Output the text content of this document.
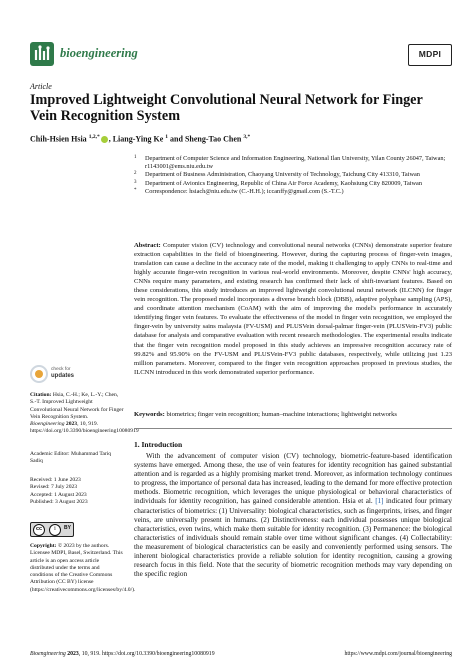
bioengineering	MDPI
Article
Improved Lightweight Convolutional Neural Network for Finger Vein Recognition System
Chih-Hsien Hsia $^{1,2,*}$ , Liang-Ying Ke $^1$ and Sheng-Tao Chen $^{3,*}$
1 Department of Computer Science and Information Engineering, National Ilan University, Yilan County 26047, Taiwan; r1143001@ems.niu.edu.tw
2 Department of Business Administration, Chaoyang University of Technology, Taichung City 413310, Taiwan
3 Department of Avionics Engineering, Republic of China Air Force Academy, Kaohsiung City 820009, Taiwan
* Correspondence: hsiach@niu.edu.tw (C.-H.H.); iccanffy@gmail.com (S.-T.C.)
check for
updates
Citation: Hsia, C.-H.; Ke, L.-Y.; Chen, S.-T. Improved Lightweight Convolutional Neural Network for Finger Vein Recognition System. Bioengineering 2023, 10, 919. https://doi.org/10.3390/bioengineering10080919
Academic Editor: Muhammad Tariq Sadiq
Received: 1 June 2023
Revised: 7 July 2023
Accepted: 1 August 2023
Published: 3 August 2023
cc	i	BY
Copyright: © 2023 by the authors. Licensee MDPI, Basel, Switzerland. This article is an open access article distributed under the terms and conditions of the Creative Commons Attribution (CC BY) license (https://creativecommons.org/licenses/by/4.0/).
Abstract: Computer vision (CV) technology and convolutional neural networks (CNNs) demonstrate superior feature extraction capabilities in the field of bioengineering. However, during the capturing process of finger-vein images, translation can cause a decline in the accuracy rate of the model, making it challenging to apply CNNs to real-time and highly accurate finger-vein recognition in various real-world environments. Moreover, despite CNNs' high accuracy, CNNs require many parameters, and existing research has confirmed their lack of shift-invariant features. Based on these considerations, this study introduces an improved lightweight convolutional neural network (ILCNN) for finger vein recognition. The proposed model incorporates a diverse branch block (DBB), adaptive polyphase sampling (APS), and coordinate attention mechanism (CoAM) with the aim of improving the model's performance in accurately identifying finger vein features. To evaluate the effectiveness of the model in finger vein recognition, we employed the finger-vein by university sains malaysia (FV-USM) and PLUSVein dorsal-palmar finger-vein (PLUSVein-FV3) public database for analysis and comparative evaluation with recent research methodologies. The experimental results indicate that the finger vein recognition model proposed in this study achieves an impressive recognition accuracy rate of 99.82% and 95.90% on the FV-USM and PLUSVein-FV3 public databases, respectively, while utilizing just 1.23 million parameters. Moreover, compared to the finger vein recognition approaches proposed in previous studies, the ILCNN introduced in this work demonstrated superior performance.
Keywords: biometrics; finger vein recognition; human–machine interactions; lightweight networks
1. Introduction
With the advancement of computer vision (CV) technology, biometric-feature-based identification systems have emerged. Among these, the use of vein features for identity recognition has gained substantial attention and is regarded as a highly promising market trend. Moreover, as information technology continues to progress, the importance of personal data has increased, leading to the demand for more effective protection methods. Biometric recognition, which leverages the unique physiological or behavioral characteristics of individuals for identity recognition, has gained considerable attention. Hsia et al. [1] indicated four primary characteristics of biometrics: (1) Universality: biological characteristics, such as fingerprints, irises, and finger veins, are universally present in humans. (2) Distinctiveness: each individual possesses unique biological characteristics, even twins, which make them suitable for identity recognition. (3) Permanence: the biological characteristics of individuals should remain stable over time without significant changes. (4) Collectability: the measurement of biological characteristics can be easily and conveniently performed using sensors. The inherent biological characteristics provide a reliable solution for identity recognition, causing a growing research focus in this field. Note that the security of biometric recognition methods may vary depending on the specific region
Bioengineering 2023, 10, 919. https://doi.org/10.3390/bioengineering10080919	https://www.mdpi.com/journal/bioengineering
